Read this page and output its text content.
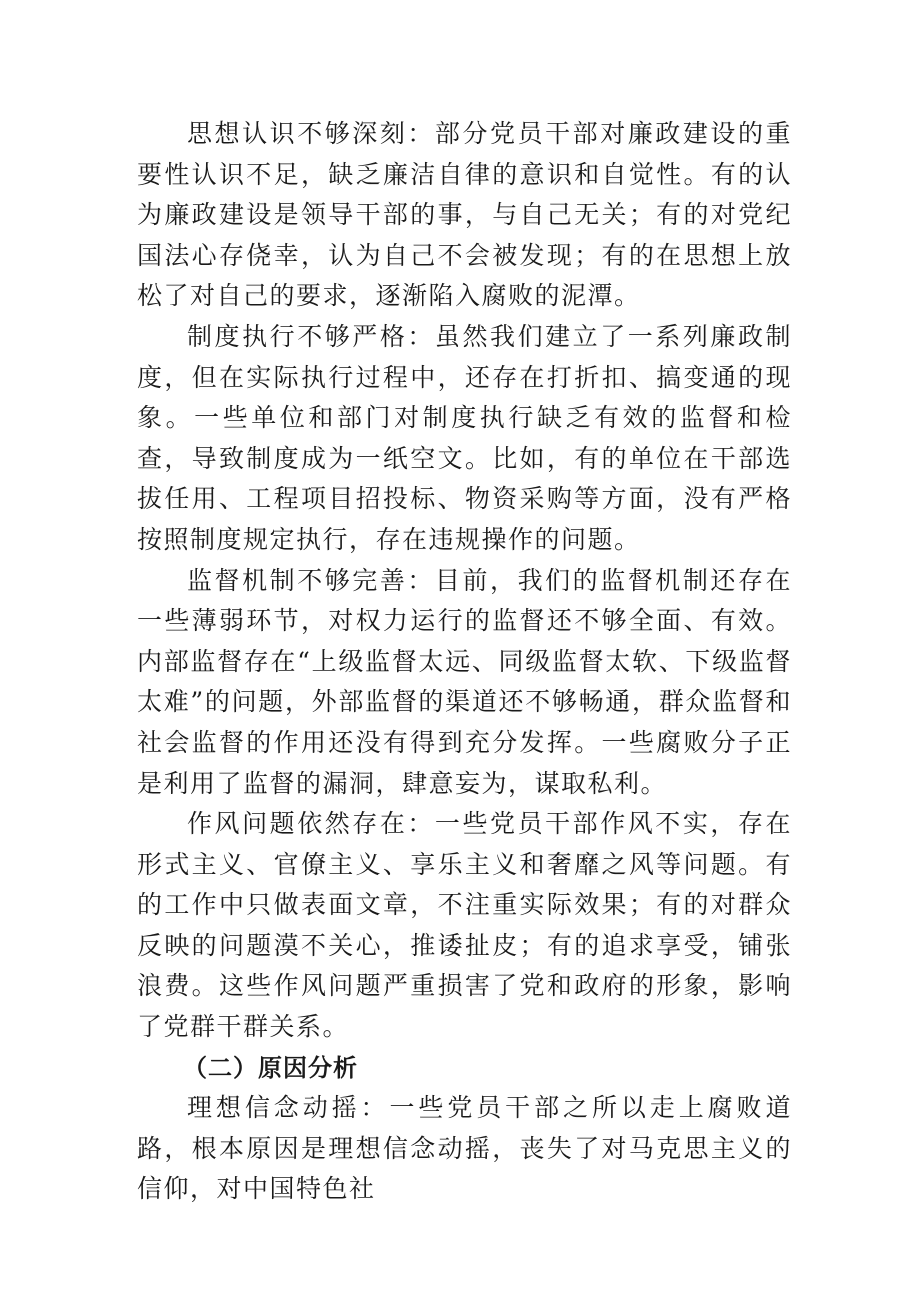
思想认识不够深刻：部分党员干部对廉政建设的重要性认识不足，缺乏廉洁自律的意识和自觉性。有的认为廉政建设是领导干部的事，与自己无关；有的对党纪国法心存侥幸，认为自己不会被发现；有的在思想上放松了对自己的要求，逐渐陷入腐败的泥潭。

制度执行不够严格：虽然我们建立了一系列廉政制度，但在实际执行过程中，还存在打折扣、搞变通的现象。一些单位和部门对制度执行缺乏有效的监督和检查，导致制度成为一纸空文。比如，有的单位在干部选拔任用、工程项目招投标、物资采购等方面，没有严格按照制度规定执行，存在违规操作的问题。

监督机制不够完善：目前，我们的监督机制还存在一些薄弱环节，对权力运行的监督还不够全面、有效。内部监督存在“上级监督太远、同级监督太软、下级监督太难”的问题，外部监督的渠道还不够畅通，群众监督和社会监督的作用还没有得到充分发挥。一些腐败分子正是利用了监督的漏洞，肆意妄为，谋取私利。

作风问题依然存在：一些党员干部作风不实，存在形式主义、官僚主义、享乐主义和奢靡之风等问题。有的工作中只做表面文章，不注重实际效果；有的对群众反映的问题漠不关心，推诿扯皮；有的追求享受，铺张浪费。这些作风问题严重损害了党和政府的形象，影响了党群干群关系。

（二）原因分析

理想信念动摇：一些党员干部之所以走上腐败道路，根本原因是理想信念动摇，丧失了对马克思主义的信仰，对中国特色社
